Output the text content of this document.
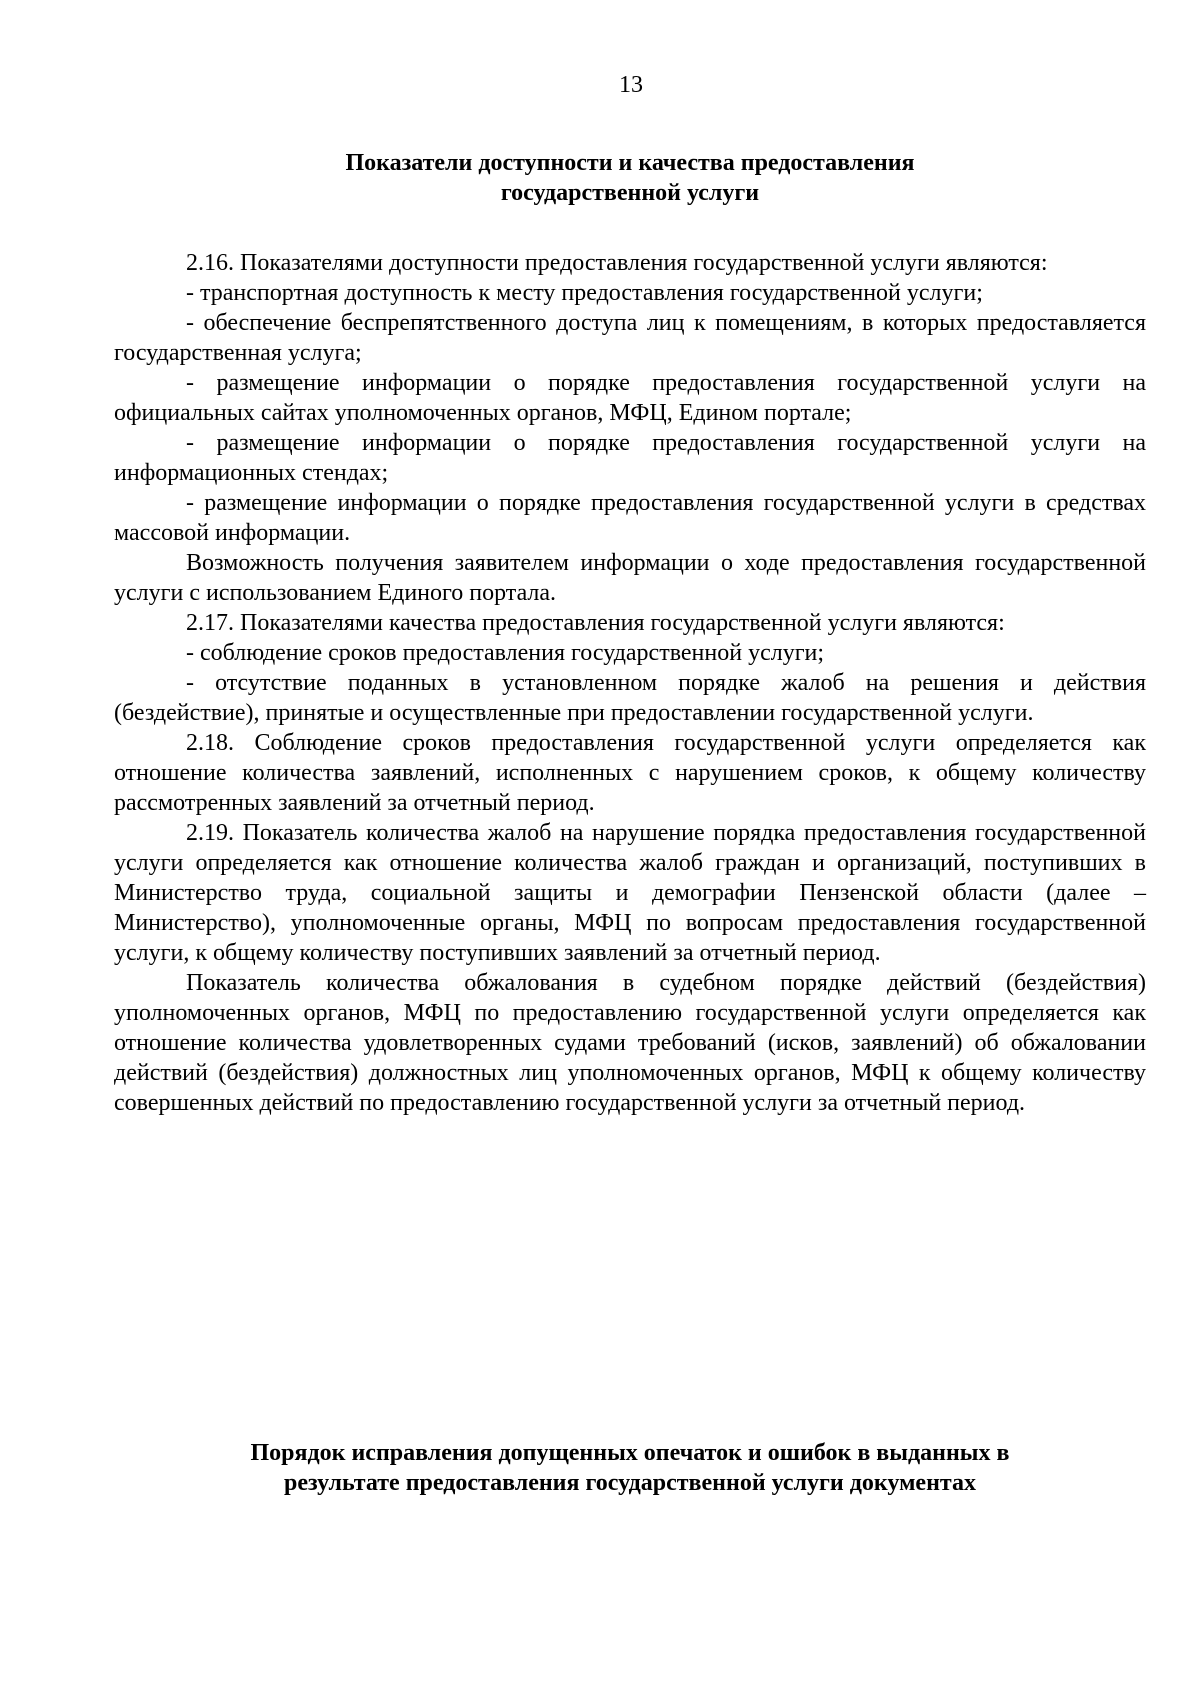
13
Показатели доступности и качества предоставления
государственной услуги

2.16. Показателями доступности предоставления государственной услуги являются:

- транспортная доступность к месту предоставления государственной услуги;

- обеспечение беспрепятственного доступа лиц к помещениям, в которых предоставляется государственная услуга;

- размещение информации о порядке предоставления государственной услуги на официальных сайтах уполномоченных органов, МФЦ, Едином портале;

- размещение информации о порядке предоставления государственной услуги на информационных стендах;

- размещение информации о порядке предоставления государственной услуги в средствах массовой информации.

Возможность получения заявителем информации о ходе предоставления государственной услуги с использованием Единого портала.

2.17. Показателями качества предоставления государственной услуги являются:

- соблюдение сроков предоставления государственной услуги;

- отсутствие поданных в установленном порядке жалоб на решения и действия (бездействие), принятые и осуществленные при предоставлении государственной услуги.

2.18. Соблюдение сроков предоставления государственной услуги определяется как отношение количества заявлений, исполненных с нарушением сроков, к общему количеству рассмотренных заявлений за отчетный период.

2.19. Показатель количества жалоб на нарушение порядка предоставления государственной услуги определяется как отношение количества жалоб граждан и организаций, поступивших в Министерство труда, социальной защиты и демографии Пензенской области (далее – Министерство), уполномоченные органы, МФЦ по вопросам предоставления государственной услуги, к общему количеству поступивших заявлений за отчетный период.

Показатель количества обжалования в судебном порядке действий (бездействия) уполномоченных органов, МФЦ по предоставлению государственной услуги определяется как отношение количества удовлетворенных судами требований (исков, заявлений) об обжаловании действий (бездействия) должностных лиц уполномоченных органов, МФЦ к общему количеству совершенных действий по предоставлению государственной услуги за отчетный период.

Порядок исправления допущенных опечаток и ошибок в выданных в
результате предоставления государственной услуги документах
